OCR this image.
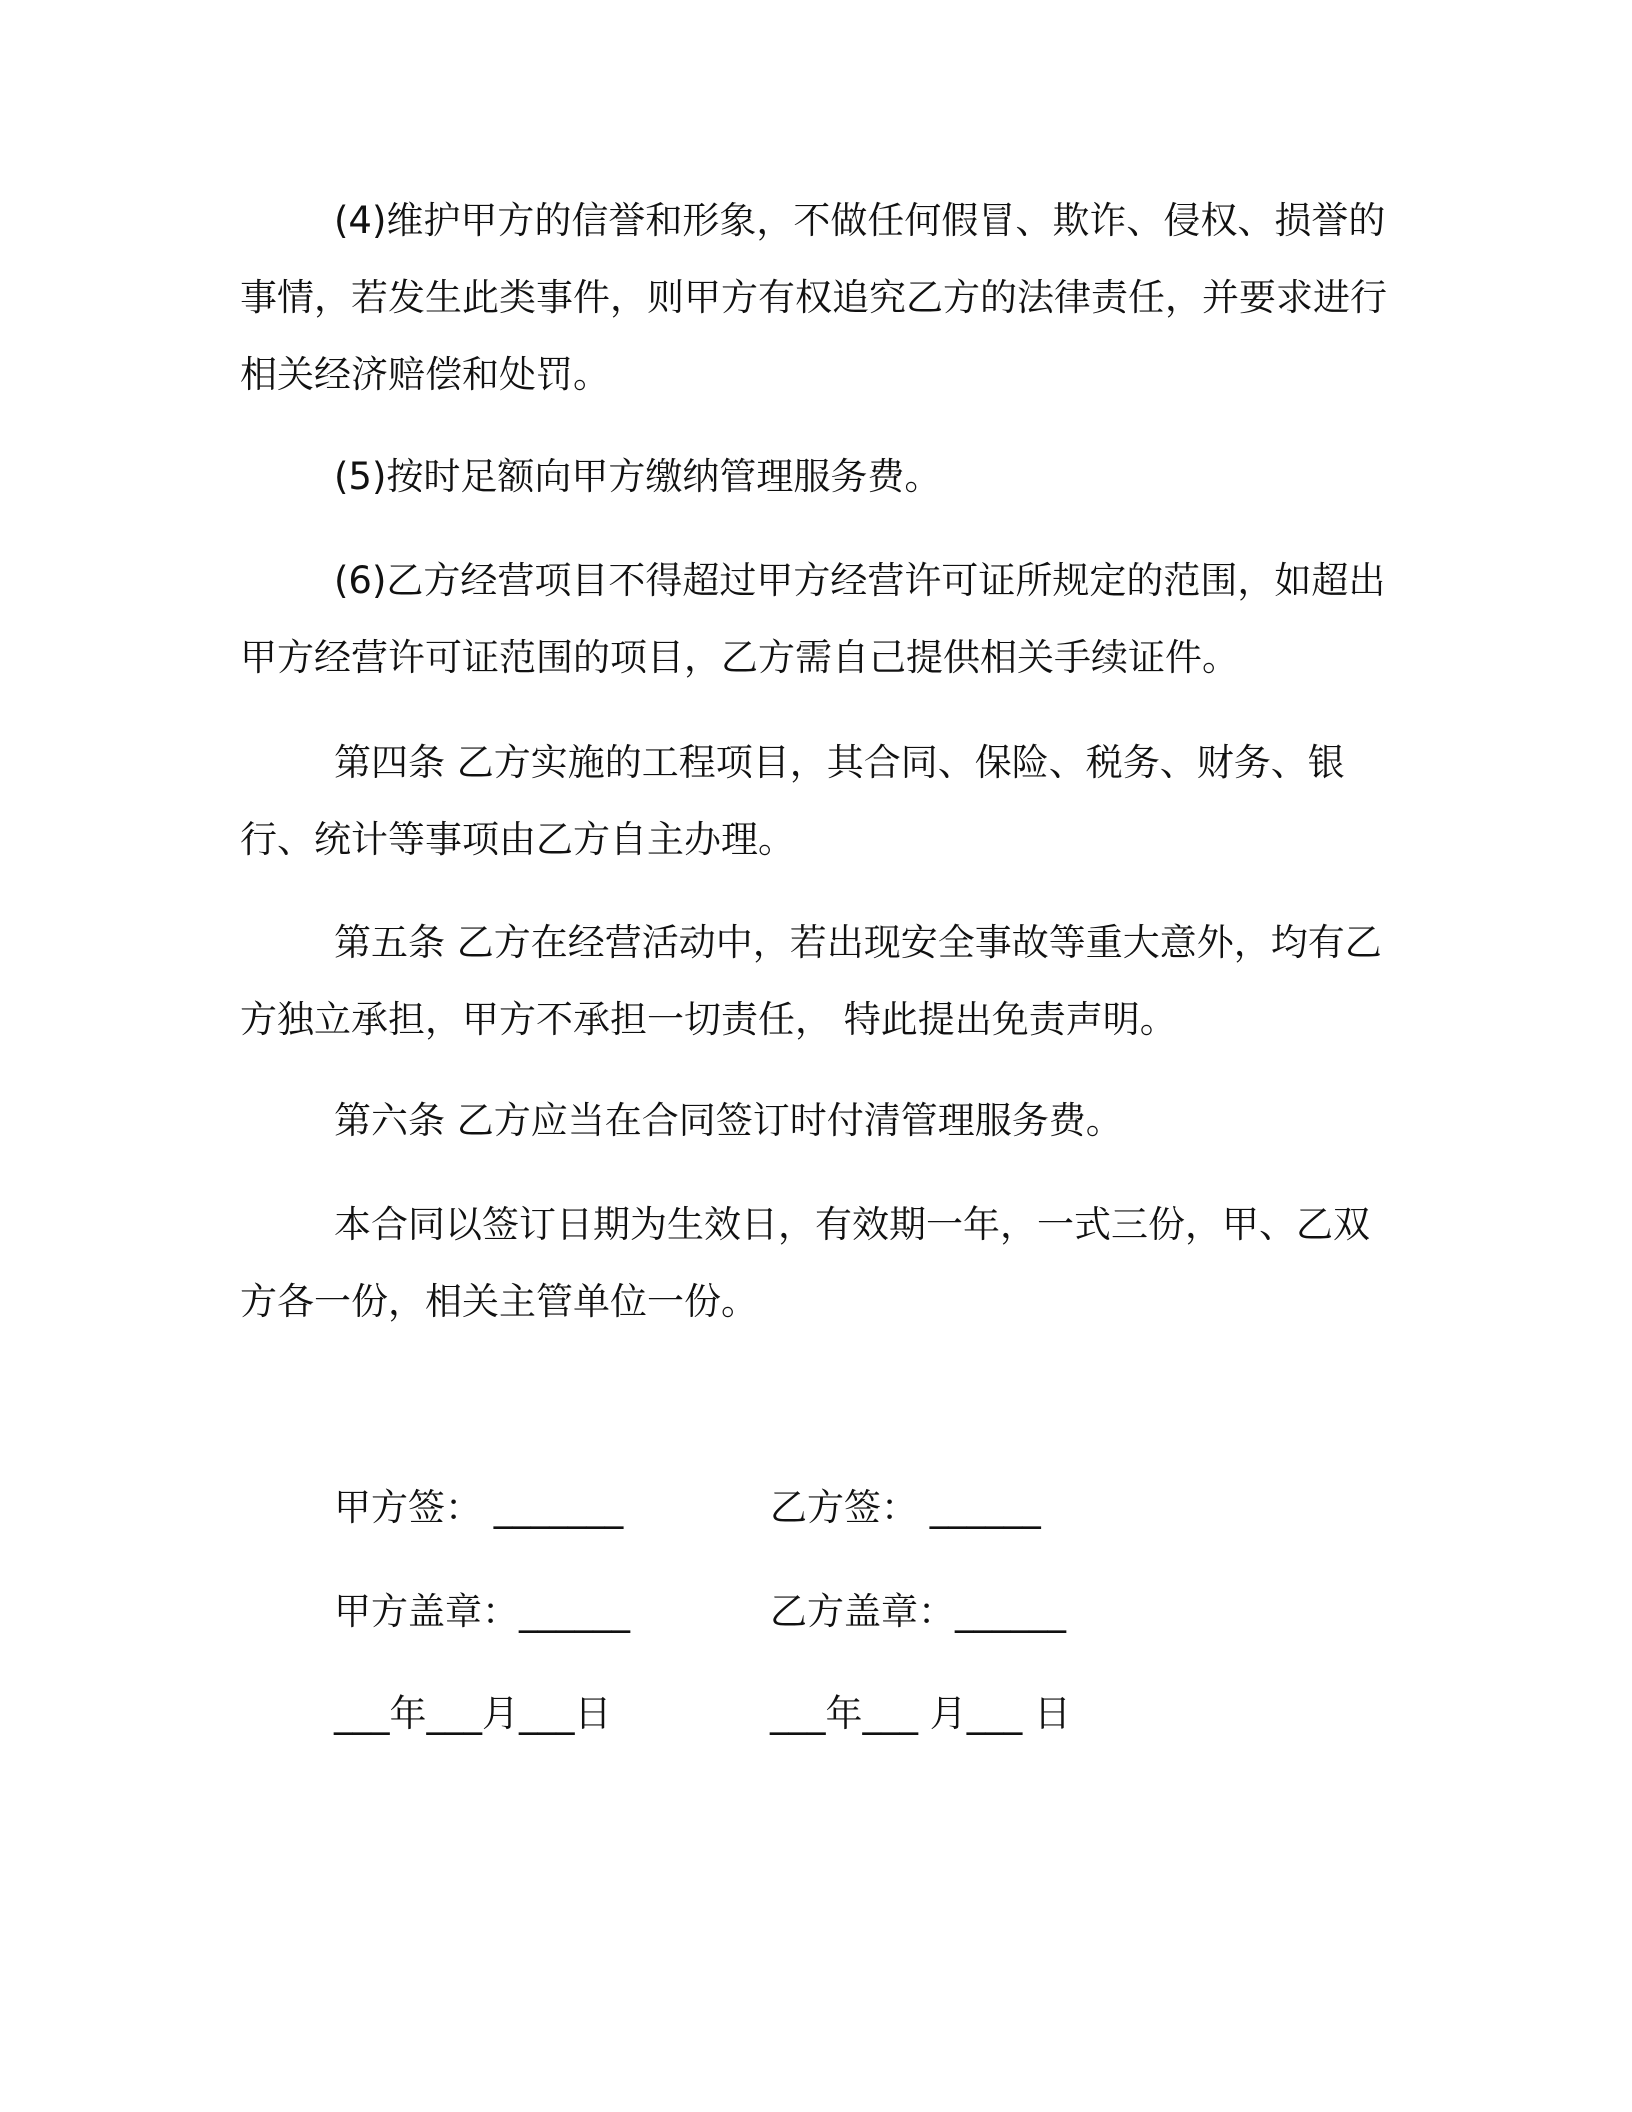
(4)维护甲方的信誉和形象，不做任何假冒、欺诈、侵权、损誉的事情，若发生此类事件，则甲方有权追究乙方的法律责任，并要求进行相关经济赔偿和处罚。

(5)按时足额向甲方缴纳管理服务费。

(6)乙方经营项目不得超过甲方经营许可证所规定的范围，如超出甲方经营许可证范围的项目，乙方需自己提供相关手续证件。

第四条 乙方实施的工程项目，其合同、保险、税务、财务、银行、统计等事项由乙方自主办理。

第五条 乙方在经营活动中，若出现安全事故等重大意外，均有乙方独立承担，甲方不承担一切责任， 特此提出免责声明。

第六条 乙方应当在合同签订时付清管理服务费。

本合同以签订日期为生效日，有效期一年，一式三份，甲、乙双方各一份，相关主管单位一份。

甲方签： _______	乙方签： ______
甲方盖章：______	乙方盖章：______
___年___月___日	___年___ 月___ 日
